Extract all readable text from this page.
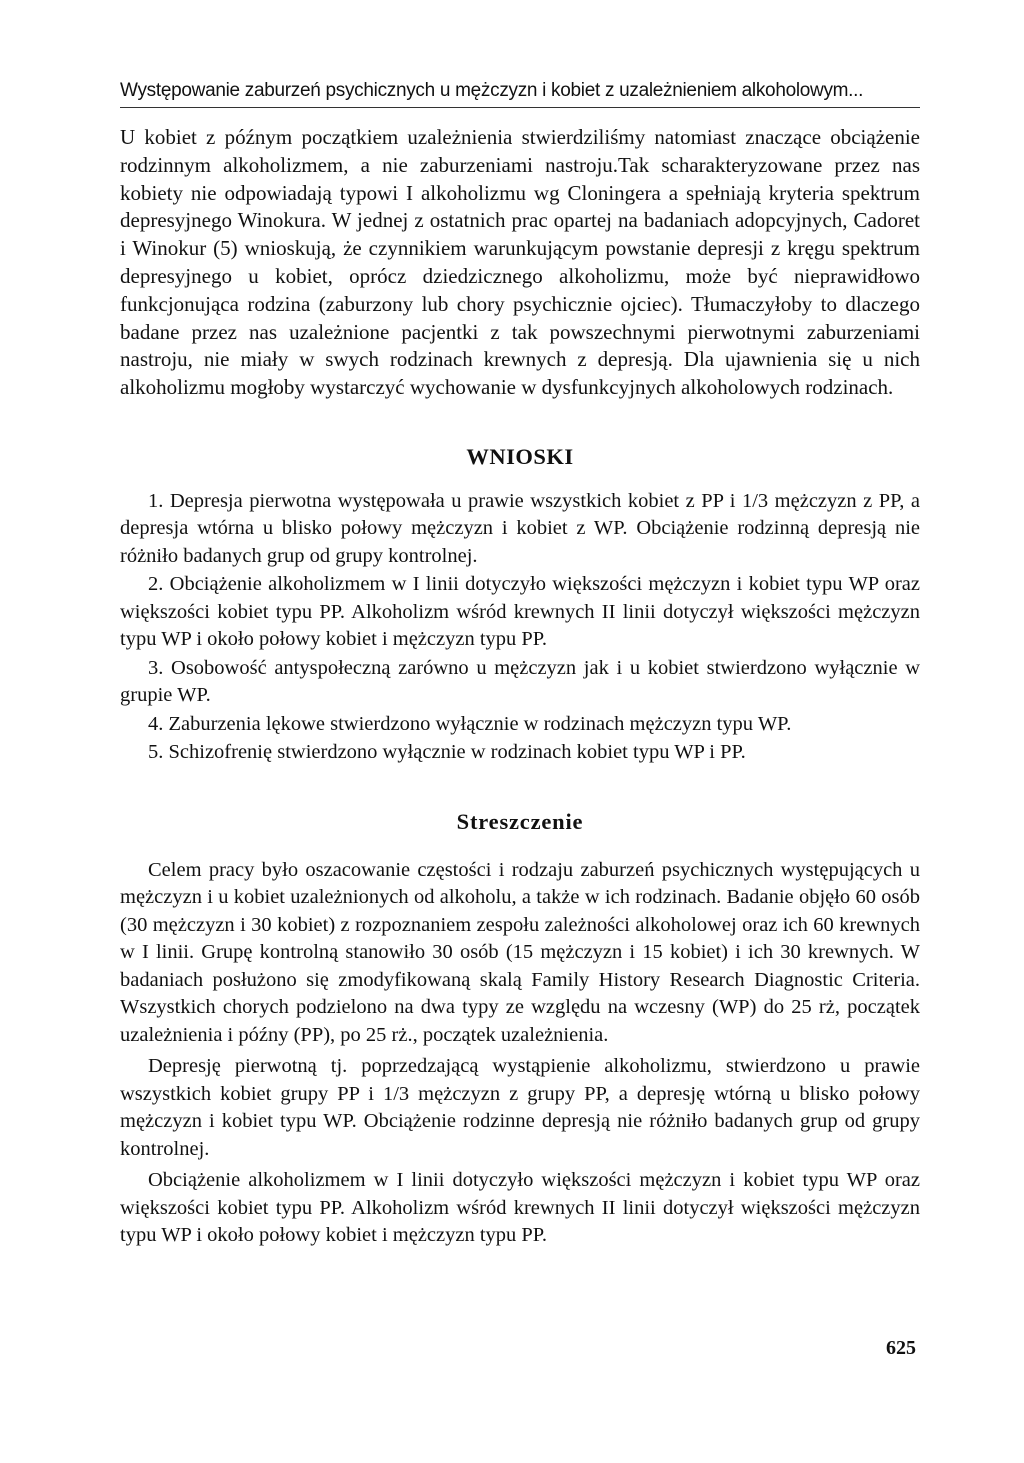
Występowanie zaburzeń psychicznych u mężczyzn i kobiet z uzależnieniem alkoholowym...

U kobiet z późnym początkiem uzależnienia stwierdziliśmy natomiast znaczące obciążenie rodzinnym alkoholizmem, a nie zaburzeniami nastroju.Tak scharakteryzowane przez nas kobiety nie odpowiadają typowi I alkoholizmu wg Cloningera a spełniają kryteria spektrum depresyjnego Winokura. W jednej z ostatnich prac opartej na badaniach adopcyjnych, Cadoret i Winokur (5) wnioskują, że czynnikiem warunkującym powstanie depresji z kręgu spektrum depresyjnego u kobiet, oprócz dziedzicznego alkoholizmu, może być nieprawidłowo funkcjonująca rodzina (zaburzony lub chory psychicznie ojciec). Tłumaczyłoby to dlaczego badane przez nas uzależnione pacjentki z tak powszechnymi pierwotnymi zaburzeniami nastroju, nie miały w swych rodzinach krewnych z depresją. Dla ujawnienia się u nich alkoholizmu mogłoby wystarczyć wychowanie w dysfunkcyjnych alkoholowych rodzinach.

WNIOSKI
1. Depresja pierwotna występowała u prawie wszystkich kobiet z PP i 1/3 mężczyzn z PP, a depresja wtórna u blisko połowy mężczyzn i kobiet z WP. Obciążenie rodzinną depresją nie różniło badanych grup od grupy kontrolnej.
2. Obciążenie alkoholizmem w I linii dotyczyło większości mężczyzn i kobiet typu WP oraz większości kobiet typu PP. Alkoholizm wśród krewnych II linii dotyczył większości mężczyzn typu WP i około połowy kobiet i mężczyzn typu PP.
3. Osobowość antyspołeczną zarówno u mężczyzn jak i u kobiet stwierdzono wyłącznie w grupie WP.
4. Zaburzenia lękowe stwierdzono wyłącznie w rodzinach mężczyzn typu WP.
5. Schizofrenię stwierdzono wyłącznie w rodzinach kobiet typu WP i PP.
Streszczenie

Celem pracy było oszacowanie częstości i rodzaju zaburzeń psychicznych występujących u mężczyzn i u kobiet uzależnionych od alkoholu, a także w ich rodzinach. Badanie objęło 60 osób (30 mężczyzn i 30 kobiet) z rozpoznaniem zespołu zależności alkoholowej oraz ich 60 krewnych w I linii. Grupę kontrolną stanowiło 30 osób (15 mężczyzn i 15 kobiet) i ich 30 krewnych. W badaniach posłużono się zmodyfikowaną skalą Family History Research Diagnostic Criteria. Wszystkich chorych podzielono na dwa typy ze względu na wczesny (WP) do 25 rż, początek uzależnienia i późny (PP), po 25 rż., początek uzależnienia.

Depresję pierwotną tj. poprzedzającą wystąpienie alkoholizmu, stwierdzono u prawie wszystkich kobiet grupy PP i 1/3 mężczyzn z grupy PP, a depresję wtórną u blisko połowy mężczyzn i kobiet typu WP. Obciążenie rodzinne depresją nie różniło badanych grup od grupy kontrolnej.

Obciążenie alkoholizmem w I linii dotyczyło większości mężczyzn i kobiet typu WP oraz większości kobiet typu PP. Alkoholizm wśród krewnych II linii dotyczył większości mężczyzn typu WP i około połowy kobiet i mężczyzn typu PP.

625
